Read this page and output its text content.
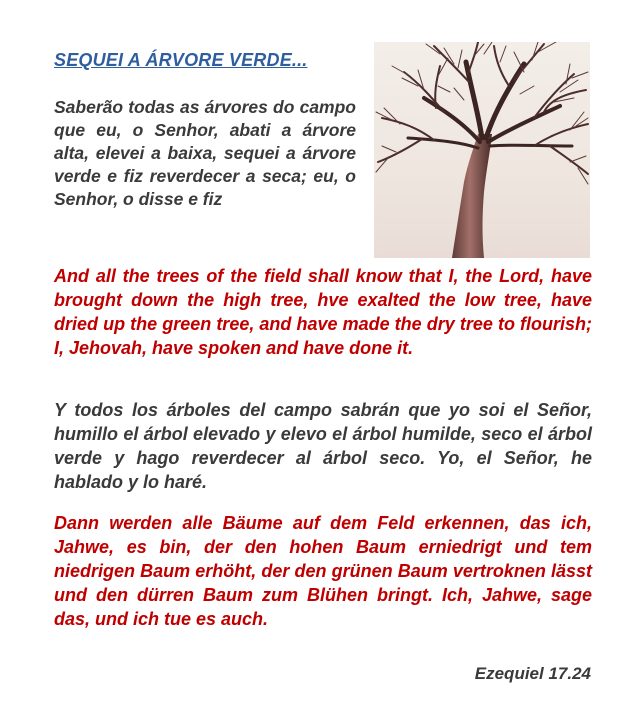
SEQUEI A ÁRVORE VERDE...

Saberão todas as árvores do campo que eu, o Senhor, abati a árvore alta, elevei a baixa, sequei a árvore verde e fiz reverdecer a seca; eu, o Senhor, o disse e fiz

And all the trees of the field shall know that I, the Lord, have brought down the high tree, hve exalted the low tree, have dried up the green tree, and have made the dry tree to flourish; I, Jehovah, have spoken and have done it.

Y todos los árboles del campo sabrán que yo soi el Señor, humillo el árbol elevado y elevo el árbol humilde, seco el árbol verde y hago reverdecer al árbol seco. Yo, el Señor, he hablado y lo haré.

Dann werden alle Bäume auf dem Feld erkennen, das ich, Jahwe, es bin, der den hohen Baum erniedrigt und tem niedrigen Baum erhöht, der den grünen Baum vertroknen lässt und den dürren Baum zum Blühen bringt. Ich, Jahwe, sage das, und ich tue es auch.

Ezequiel 17.24
